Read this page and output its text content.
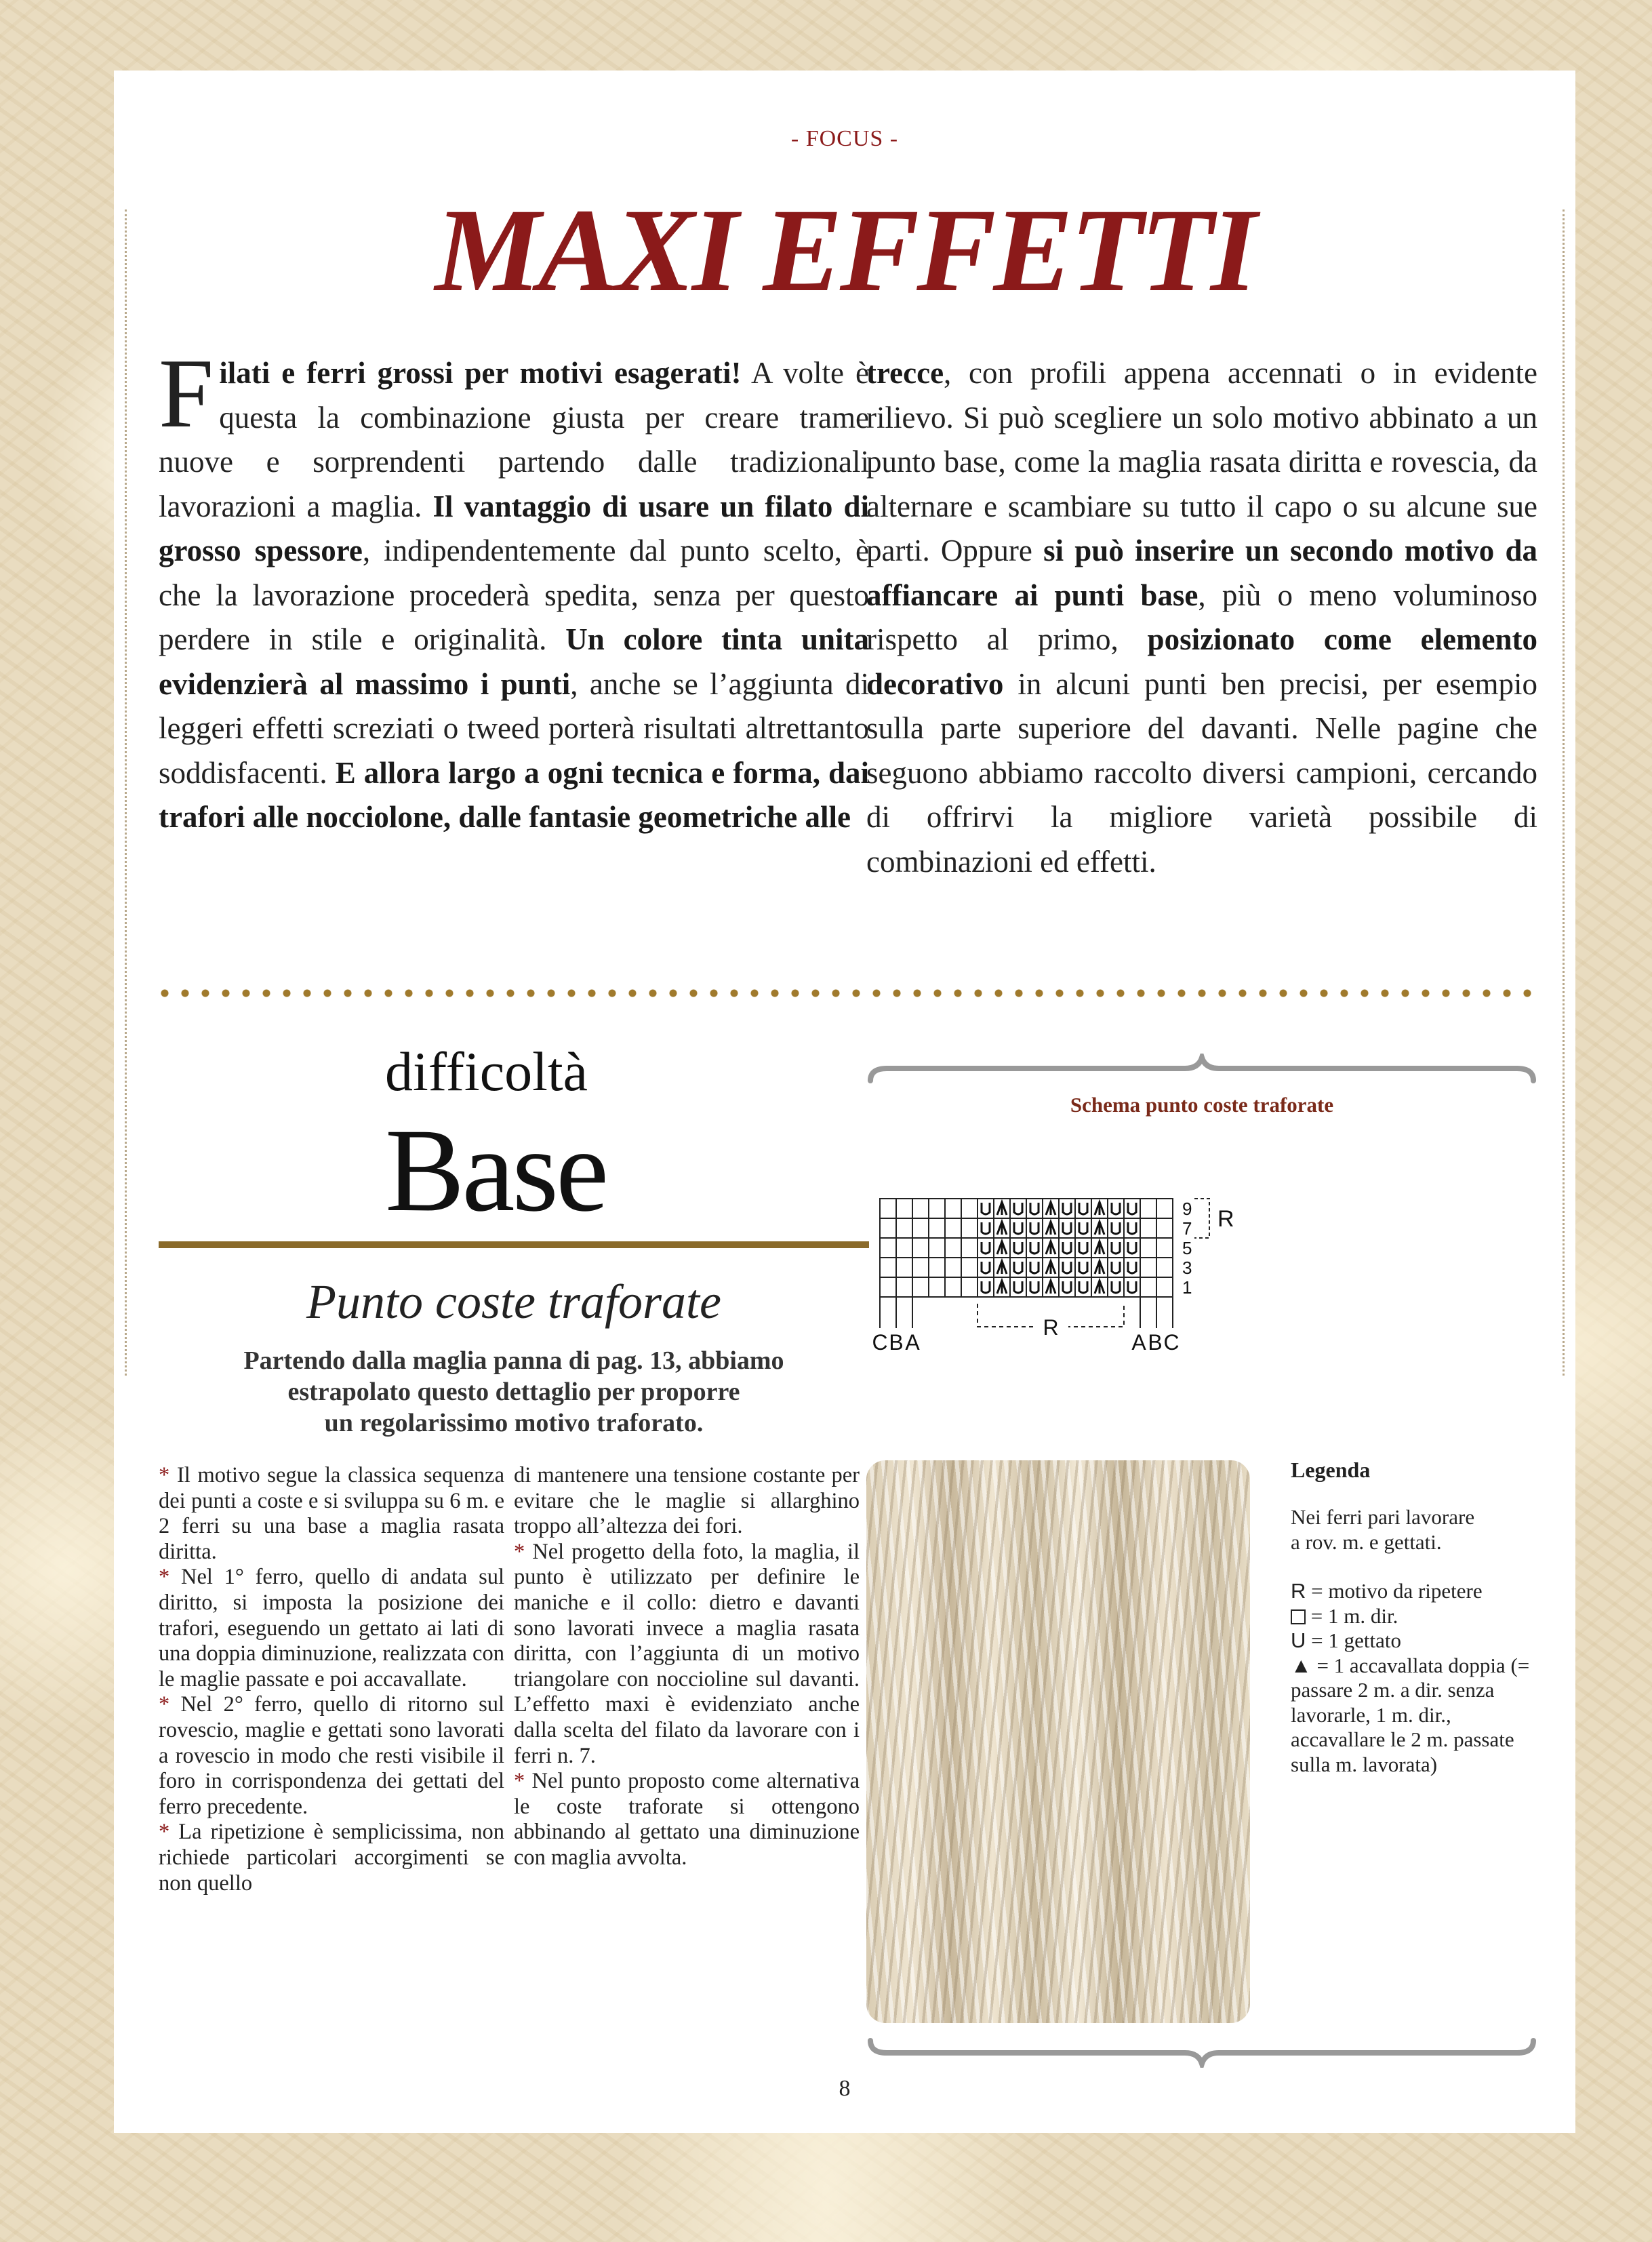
- FOCUS -
MAXI EFFETTI
Filati e ferri grossi per motivi esagerati! A volte è questa la combinazione giusta per creare trame nuove e sorprendenti partendo dalle tradizionali lavorazioni a maglia. Il vantaggio di usare un filato di grosso spessore, indipendentemente dal punto scelto, è che la lavorazione procederà spedita, senza per questo perdere in stile e originalità. Un colore tinta unita evidenzierà al massimo i punti, anche se l’aggiunta di leggeri effetti screziati o tweed porterà risultati altrettanto soddisfacenti. E allora largo a ogni tecnica e forma, dai trafori alle nocciolone, dalle fantasie geometriche alle
trecce, con profili appena accennati o in evidente rilievo. Si può scegliere un solo motivo abbinato a un punto base, come la maglia rasata diritta e rovescia, da alternare e scambiare su tutto il capo o su alcune sue parti. Oppure si può inserire un secondo motivo da affiancare ai punti base, più o meno voluminoso rispetto al primo, posizionato come elemento decorativo in alcuni punti ben precisi, per esempio sulla parte superiore del davanti. Nelle pagine che seguono abbiamo raccolto diversi campioni, cercando di offrirvi la migliore varietà possibile di combinazioni ed effetti.
difficoltà
Base
Punto coste traforate
Partendo dalla maglia panna di pag. 13, abbiamo
estrapolato questo dettaglio per proporre
un regolarissimo motivo traforato.
* Il motivo segue la classica sequenza dei punti a coste e si sviluppa su 6 m. e 2 ferri su una base a maglia rasata diritta.
* Nel 1° ferro, quello di andata sul diritto, si imposta la posizione dei trafori, eseguendo un gettato ai lati di una doppia diminuzione, realizzata con le maglie passate e poi accavallate.
* Nel 2° ferro, quello di ritorno sul rovescio, maglie e gettati sono lavorati a rovescio in modo che resti visibile il foro in corrispondenza dei gettati del ferro precedente.
* La ripetizione è semplicissima, non richiede particolari accorgimenti se non quello
di mantenere una tensione costante per evitare che le maglie si allarghino troppo all’altezza dei fori.
* Nel progetto della foto, la maglia, il punto è utilizzato per definire le maniche e il collo: dietro e davanti sono lavorati invece a maglia rasata diritta, con l’aggiunta di un motivo triangolare con noccioline sul davanti. L’effetto maxi è evidenziato anche dalla scelta del filato da lavorare con i ferri n. 7.
* Nel punto proposto come alternativa le coste traforate si ottengono abbinando al gettato una diminuzione con maglia avvolta.
Schema punto coste traforate
9
7
5
3
1
C B A	A B C
R
R
Legenda
Nei ferri pari lavorare
a rov. m. e gettati.
R = motivo da ripetere
= 1 m. dir.
U = 1 gettato
▲ = 1 accavallata doppia (= passare 2 m. a dir. senza lavorarle, 1 m. dir., accavallare le 2 m. passate sulla m. lavorata)
8
